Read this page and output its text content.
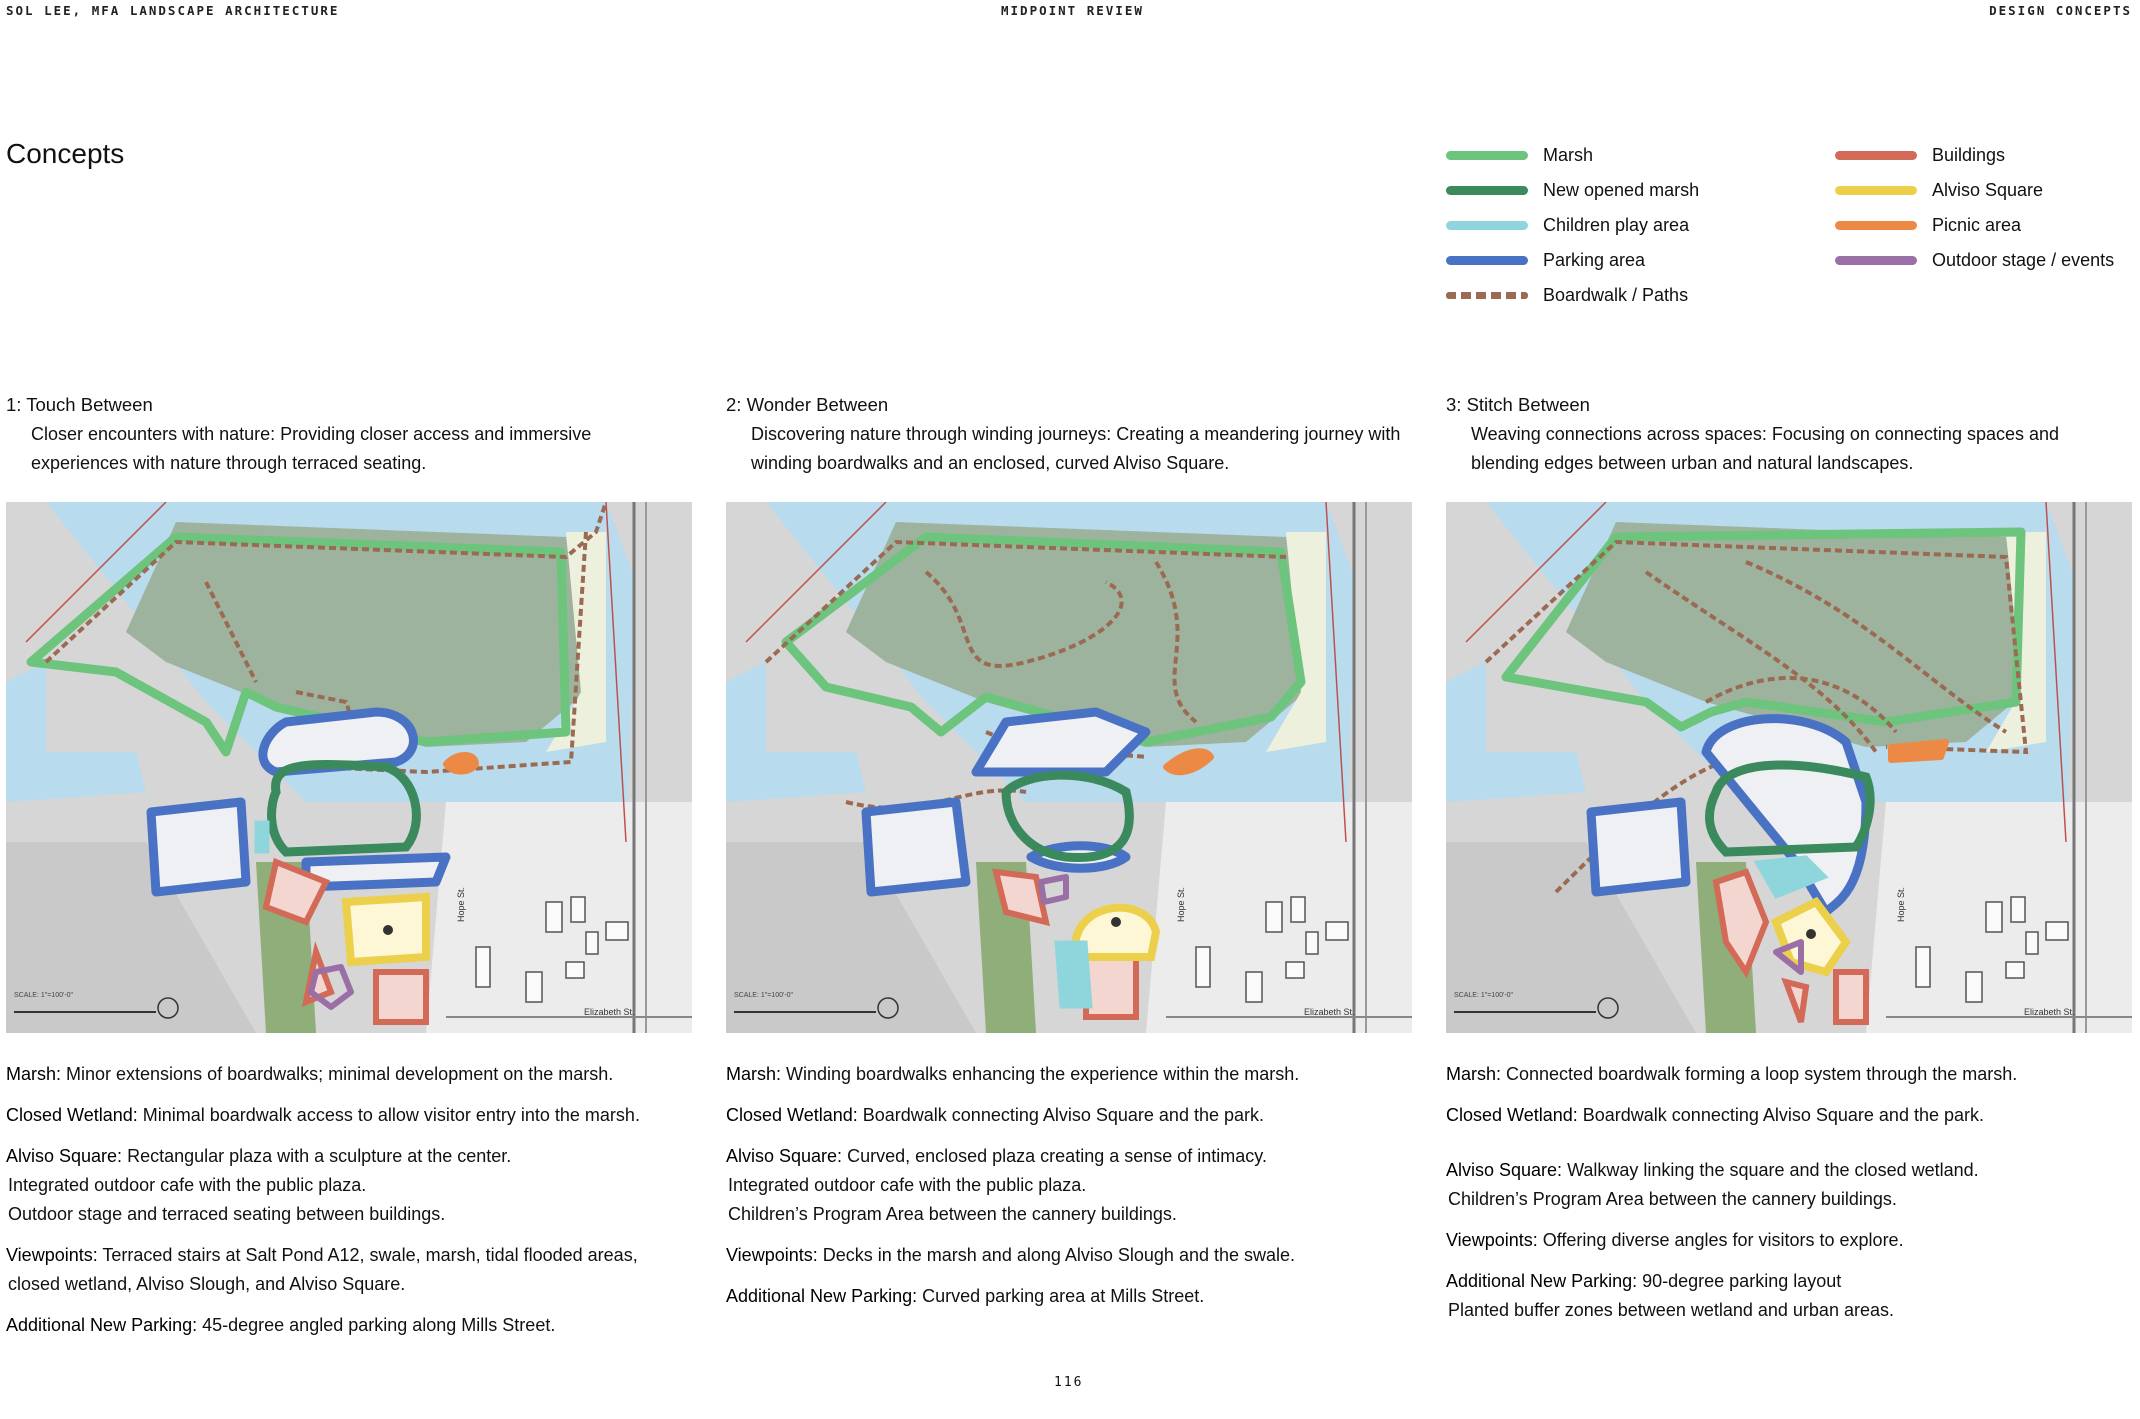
SOL LEE, MFA LANDSCAPE ARCHITECTURE	MIDPOINT REVIEW	DESIGN CONCEPTS
Concepts	Marsh
New opened marsh
Children play area
Parking area
Boardwalk / Paths
Buildings
Alviso Square
Picnic area
Outdoor stage / events
1: Touch Between
Closer encounters with nature: Providing closer access and immersive experiences with nature through terraced seating.
Hope St.
Elizabeth St.
SCALE: 1"=100'-0"
Marsh: Minor extensions of boardwalks; minimal development on the marsh.
Closed Wetland: Minimal boardwalk access to allow visitor entry into the marsh.
Alviso Square: Rectangular plaza with a sculpture at the center.
Integrated outdoor cafe with the public plaza.
Outdoor stage and terraced seating between buildings.
Viewpoints: Terraced stairs at Salt Pond A12, swale, marsh, tidal flooded areas,
closed wetland, Alviso Slough, and Alviso Square.
Additional New Parking: 45-degree angled parking along Mills Street.
2: Wonder Between
Discovering nature through winding journeys: Creating a meandering journey with winding boardwalks and an enclosed, curved Alviso Square.
Hope St.
Elizabeth St.
SCALE: 1"=100'-0"
Marsh: Winding boardwalks enhancing the experience within the marsh.
Closed Wetland: Boardwalk connecting Alviso Square and the park.
Alviso Square: Curved, enclosed plaza creating a sense of intimacy.
Integrated outdoor cafe with the public plaza.
Children’s Program Area between the cannery buildings.
Viewpoints: Decks in the marsh and along Alviso Slough and the swale.
Additional New Parking: Curved parking area at Mills Street.
3: Stitch Between
Weaving connections across spaces: Focusing on connecting spaces and blending edges between urban and natural landscapes.
Hope St.
Elizabeth St.
SCALE: 1"=100'-0"
Marsh: Connected boardwalk forming a loop system through the marsh.
Closed Wetland: Boardwalk connecting Alviso Square and the park.
Alviso Square: Walkway linking the square and the closed wetland.
Children’s Program Area between the cannery buildings.
Viewpoints: Offering diverse angles for visitors to explore.
Additional New Parking: 90-degree parking layout
Planted buffer zones between wetland and urban areas.
116
